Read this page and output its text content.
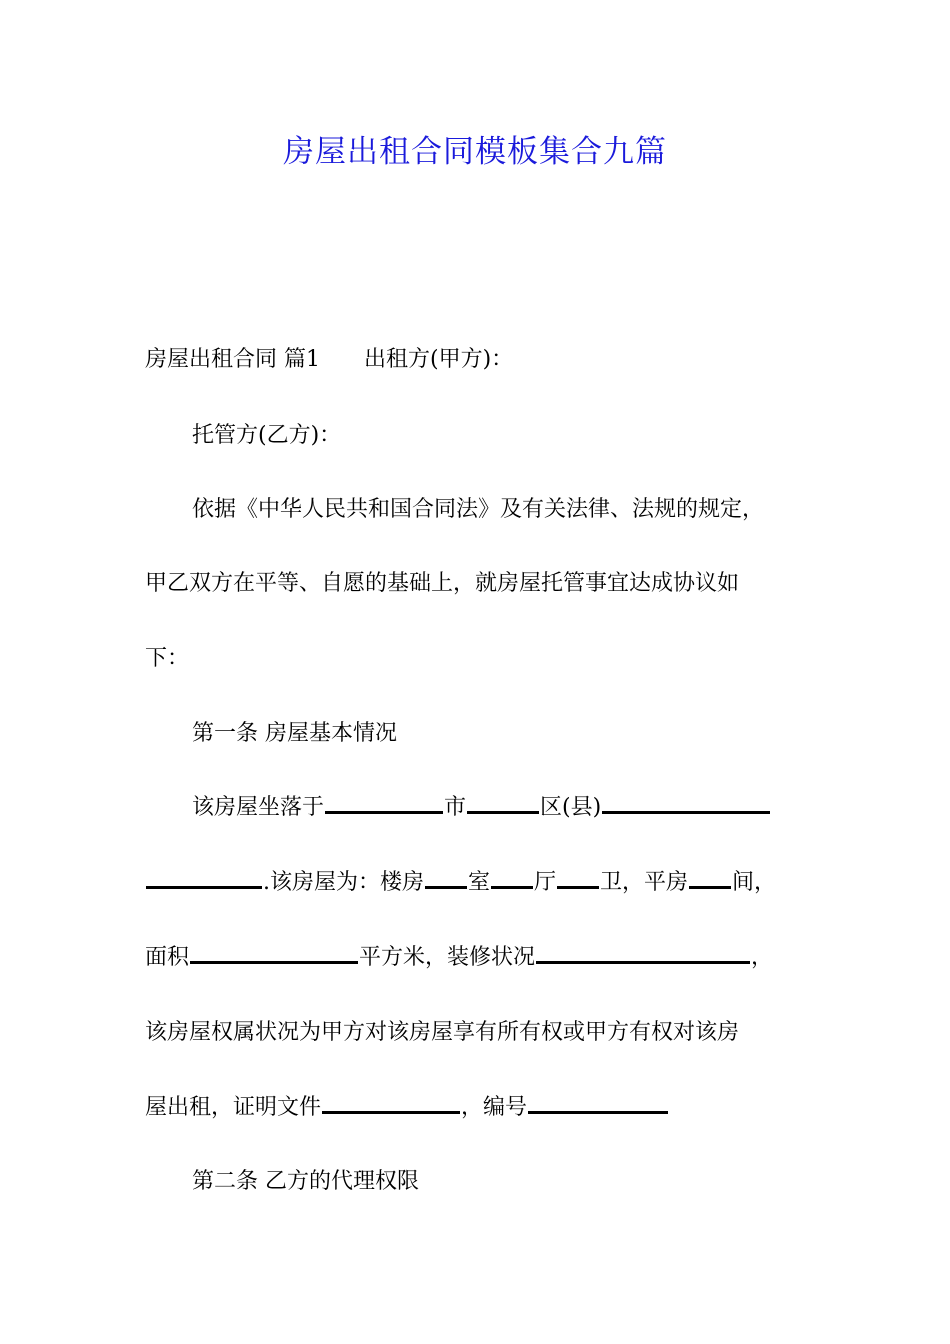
房屋出租合同模板集合九篇
房屋出租合同 篇1 出租方(甲方)：
托管方(乙方)：
依据《中华人民共和国合同法》及有关法律、法规的规定，
甲乙双方在平等、自愿的基础上，就房屋托管事宜达成协议如
下：
第一条 房屋基本情况
该房屋坐落于	市	区(县)
.该房屋为：楼房 室 厅 卫，平房 间，
面积	平方米，装修状况	，
该房屋权属状况为甲方对该房屋享有所有权或甲方有权对该房
屋出租，证明文件	，编号
第二条 乙方的代理权限
